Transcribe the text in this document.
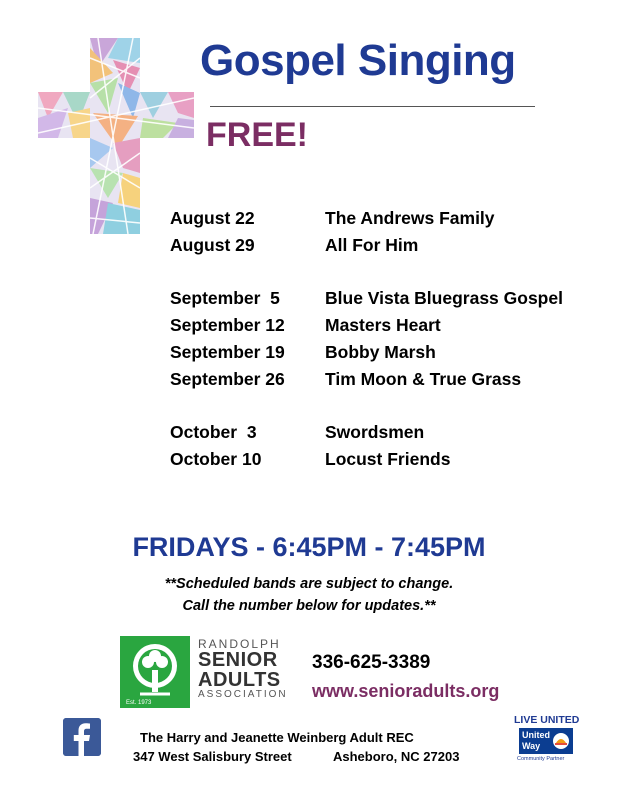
Gospel Singing
FREE!
August 22	The Andrews Family
August 29	All For Him
September  5	Blue Vista Bluegrass Gospel
September 12 Masters Heart
September 19 Bobby Marsh
September 26 Tim Moon & True Grass
October  3	Swordsmen
October 10	Locust Friends
FRIDAYS - 6:45PM - 7:45PM
**Scheduled bands are subject to change.
Call the number below for updates.**
Est. 1973
RANDOLPH
SENIOR
ADULTS
ASSOCIATION
336-625-3389
www.senioradults.org
The Harry and Jeanette Weinberg Adult REC
347 West Salisbury Street	Asheboro, NC 27203
LIVE UNITED
United
Way
Community Partner
